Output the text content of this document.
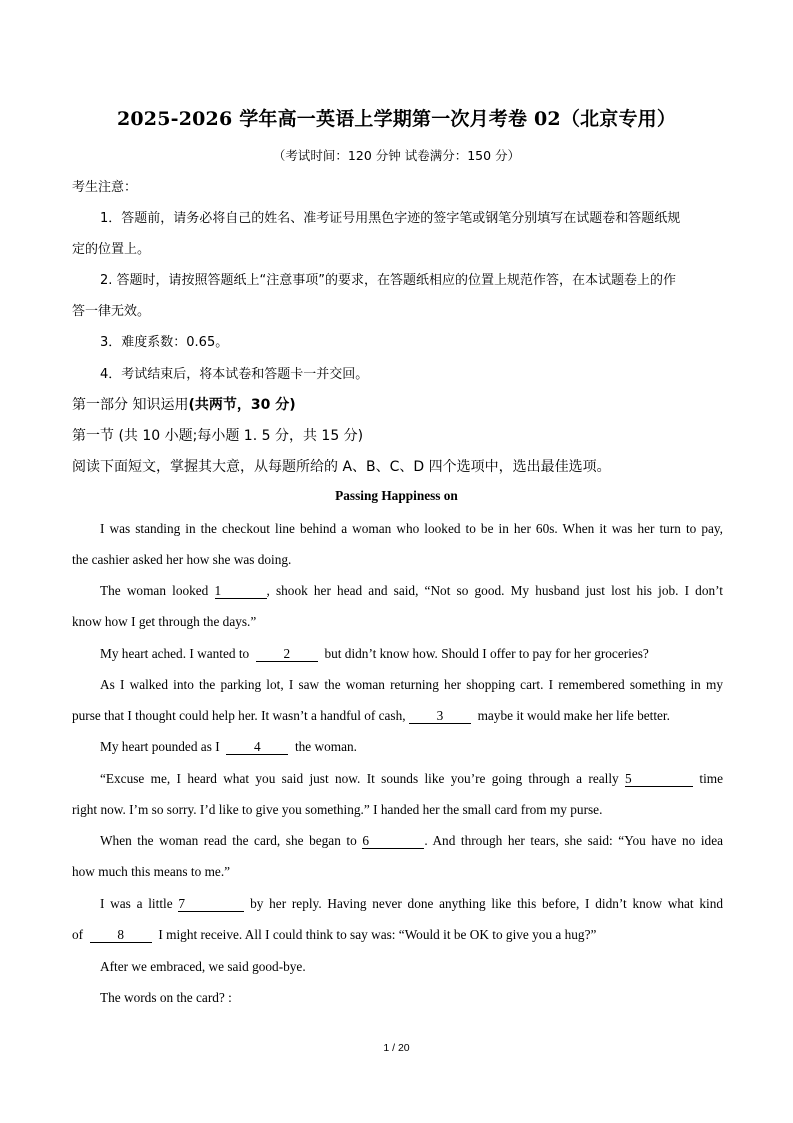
2025-2026 学年高一英语上学期第一次月考卷 02（北京专用）
（考试时间：120 分钟 试卷满分：150 分）
考生注意：
1．答题前，请务必将自己的姓名、准考证号用黑色字迹的签字笔或钢笔分别填写在试题卷和答题纸规
定的位置上。
2. 答题时，请按照答题纸上“注意事项”的要求，在答题纸相应的位置上规范作答，在本试题卷上的作
答一律无效。
3．难度系数：0.65。
4．考试结束后，将本试卷和答题卡一并交回。
第一部分 知识运用(共两节，30 分)
第一节 (共 10 小题;每小题 1. 5 分，共 15 分)
阅读下面短文，掌握其大意，从每题所给的 A、B、C、D 四个选项中，选出最佳选项。
Passing Happiness on
I was standing in the checkout line behind a woman who looked to be in her 60s. When it was her turn to pay,
the cashier asked her how she was doing.
The woman looked 1	, shook her head and said, “Not so good. My husband just lost his job. I don’t
know how I get through the days.”
My heart ached. I wanted to	2	but didn’t know how. Should I offer to pay for her groceries?
As I walked into the parking lot, I saw the woman returning her shopping cart. I remembered something in my
purse that I thought could help her. It wasn’t a handful of cash, 3	maybe it would make her life better.
My heart pounded as I	4	the woman.
“Excuse me, I heard what you said just now. It sounds like you’re going through a really 5	time
right now. I’m so sorry. I’d like to give you something.” I handed her the small card from my purse.
When the woman read the card, she began to 6	. And through her tears, she said: “You have no idea
how much this means to me.”
I was a little 7	by her reply. Having never done anything like this before, I didn’t know what kind
of	8	I might receive. All I could think to say was: “Would it be OK to give you a hug?”
After we embraced, we said good-bye.
The words on the card? :
1 / 20
